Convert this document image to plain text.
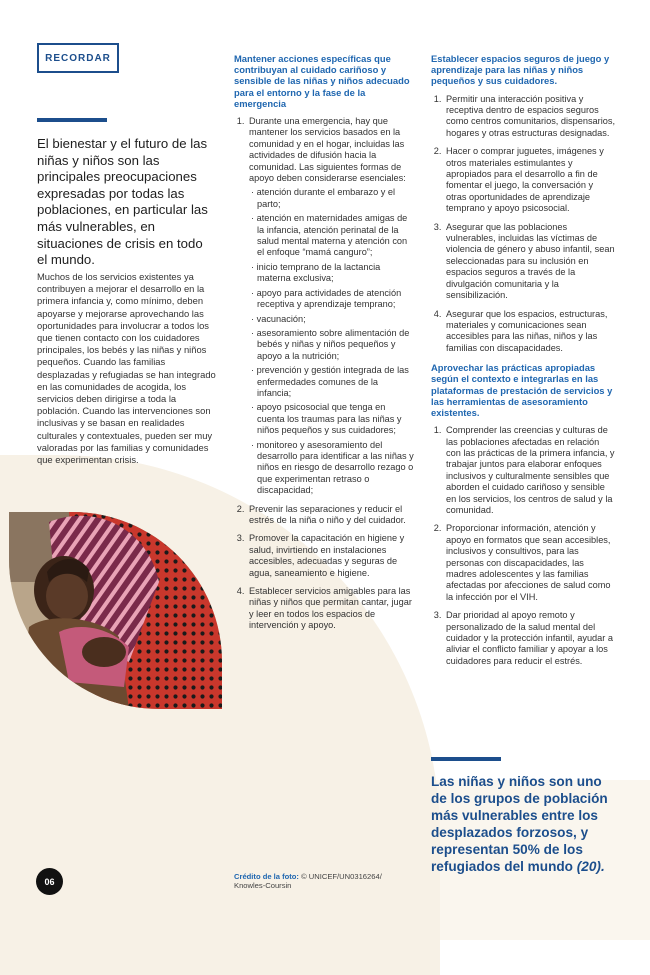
RECORDAR
El bienestar y el futuro de las niñas y niños son las principales preocupaciones expresadas por todas las poblaciones, en particular las más vulnerables, en situaciones de crisis en todo el mundo.
Muchos de los servicios existentes ya contribuyen a mejorar el desarrollo en la primera infancia y, como mínimo, deben apoyarse y mejorarse aprovechando las oportunidades para involucrar a todos los que tienen contacto con los cuidadores principales, los bebés y las niñas y niños pequeños. Cuando las familias desplazadas y refugiadas se han integrado en las comunidades de acogida, los servicios deben dirigirse a toda la población. Cuando las intervenciones son inclusivas y se basan en realidades culturales y contextuales, pueden ser muy valoradas por las familias y comunidades que experimentan crisis.
Mantener acciones específicas que contribuyan al cuidado cariñoso y sensible de las niñas y niños adecuado para el entorno y la fase de la emergencia
1. Durante una emergencia, hay que mantener los servicios basados en la comunidad y en el hogar, incluidas las actividades de difusión hacia la comunidad. Las siguientes formas de apoyo deben considerarse esenciales:
· atención durante el embarazo y el parto;
· atención en maternidades amigas de la infancia, atención perinatal de la salud mental materna y atención con el enfoque “mamá canguro”;
· inicio temprano de la lactancia materna exclusiva;
· apoyo para actividades de atención receptiva y aprendizaje temprano;
· vacunación;
· asesoramiento sobre alimentación de bebés y niñas y niños pequeños y apoyo a la nutrición;
· prevención y gestión integrada de las enfermedades comunes de la infancia;
· apoyo psicosocial que tenga en cuenta los traumas para las niñas y niños pequeños y sus cuidadores;
· monitoreo y asesoramiento del desarrollo para identificar a las niñas y niños en riesgo de desarrollo rezago o que experimentan retraso o discapacidad;
2. Prevenir las separaciones y reducir el estrés de la niña o niño y del cuidador.
3. Promover la capacitación en higiene y salud, invirtiendo en instalaciones accesibles, adecuadas y seguras de agua, saneamiento e higiene.
4. Establecer servicios amigables para las niñas y niños que permitan cantar, jugar y leer en todos los espacios de intervención y apoyo.
Establecer espacios seguros de juego y aprendizaje para las niñas y niños pequeños y sus cuidadores.
1. Permitir una interacción positiva y receptiva dentro de espacios seguros como centros comunitarios, dispensarios, hogares y otras estructuras designadas.
2. Hacer o comprar juguetes, imágenes y otros materiales estimulantes y apropiados para el desarrollo a fin de fomentar el juego, la conversación y otras oportunidades de aprendizaje temprano y apoyo psicosocial.
3. Asegurar que las poblaciones vulnerables, incluidas las víctimas de violencia de género y abuso infantil, sean seleccionadas para su inclusión en espacios seguros a través de la divulgación comunitaria y la sensibilización.
4. Asegurar que los espacios, estructuras, materiales y comunicaciones sean accesibles para las niñas, niños y las familias con discapacidades.
Aprovechar las prácticas apropiadas según el contexto e integrarlas en las plataformas de prestación de servicios y las herramientas de asesoramiento existentes.
1. Comprender las creencias y culturas de las poblaciones afectadas en relación con las prácticas de la primera infancia, y trabajar juntos para elaborar enfoques inclusivos y culturalmente sensibles que aborden el cuidado cariñoso y sensible en los servicios, los centros de salud y la comunidad.
2. Proporcionar información, atención y apoyo en formatos que sean accesibles, inclusivos y consultivos, para las personas con discapacidades, las madres adolescentes y las familias afectadas por afecciones de salud como la infección por el VIH.
3. Dar prioridad al apoyo remoto y personalizado de la salud mental del cuidador y la protección infantil, ayudar a aliviar el conflicto familiar y apoyar a los cuidadores para reducir el estrés.
Las niñas y niños son uno de los grupos de población más vulnerables entre los desplazados forzosos, y representan 50% de los refugiados del mundo (20).
Crédito de la foto: © UNICEF/UN0316264/ Knowles-Coursin
06
